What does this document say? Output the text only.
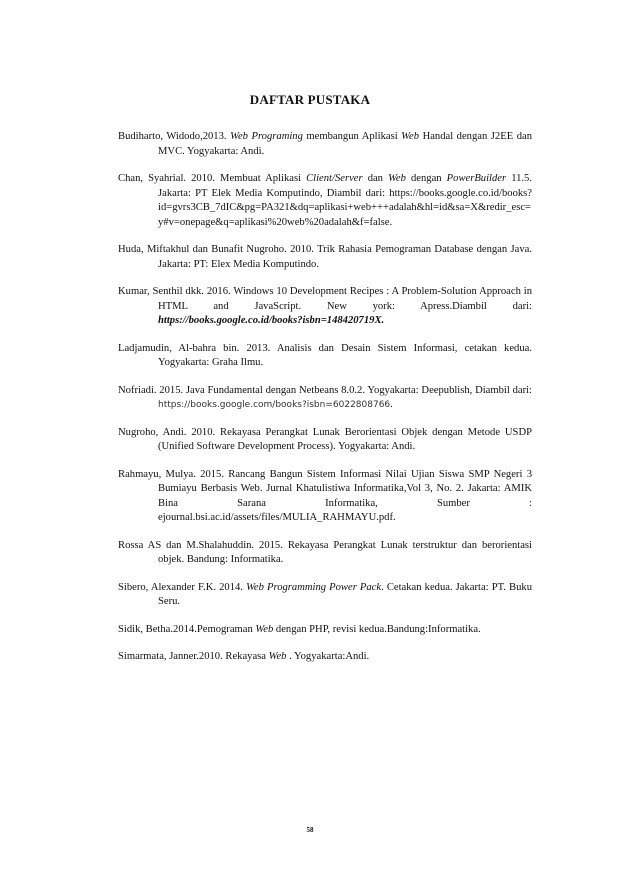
DAFTAR PUSTAKA
Budiharto, Widodo,2013. Web Programing membangun Aplikasi Web Handal dengan J2EE dan MVC. Yogyakarta: Andi.
Chan, Syahrial. 2010. Membuat Aplikasi Client/Server dan Web dengan PowerBuilder 11.5. Jakarta: PT Elek Media Komputindo, Diambil dari: https://books.google.co.id/books?id=gvrs3CB_7dIC&pg=PA321&dq=aplikasi+web+++adalah&hl=id&sa=X&redir_esc=y#v=onepage&q=aplikasi%20web%20adalah&f=false.
Huda, Miftakhul dan Bunafit Nugroho. 2010. Trik Rahasia Pemograman Database dengan Java. Jakarta: PT: Elex Media Komputindo.
Kumar, Senthil dkk. 2016. Windows 10 Development Recipes : A Problem-Solution Approach in HTML and JavaScript. New york: Apress.Diambil dari: https://books.google.co.id/books?isbn=148420719X.
Ladjamudin, Al-bahra bin. 2013. Analisis dan Desain Sistem Informasi, cetakan kedua. Yogyakarta: Graha Ilmu.
Nofriadi. 2015. Java Fundamental dengan Netbeans 8.0.2. Yogyakarta: Deepublish, Diambil dari: https://books.google.com/books?isbn=6022808766.
Nugroho, Andi. 2010. Rekayasa Perangkat Lunak Berorientasi Objek dengan Metode USDP (Unified Software Development Process). Yogyakarta: Andi.
Rahmayu, Mulya. 2015. Rancang Bangun Sistem Informasi Nilai Ujian Siswa SMP Negeri 3 Bumiayu Berbasis Web. Jurnal Khatulistiwa Informatika,Vol 3, No. 2. Jakarta: AMIK Bina Sarana Informatika, Sumber : ejournal.bsi.ac.id/assets/files/MULIA_RAHMAYU.pdf.
Rossa AS dan M.Shalahuddin. 2015. Rekayasa Perangkat Lunak terstruktur dan berorientasi objek. Bandung: Informatika.
Sibero, Alexander F.K. 2014. Web Programming Power Pack. Cetakan kedua. Jakarta: PT. Buku Seru.
Sidik, Betha.2014.Pemograman Web dengan PHP, revisi kedua.Bandung:Informatika.
Simarmata, Janner.2010. Rekayasa Web . Yogyakarta:Andi.
58
